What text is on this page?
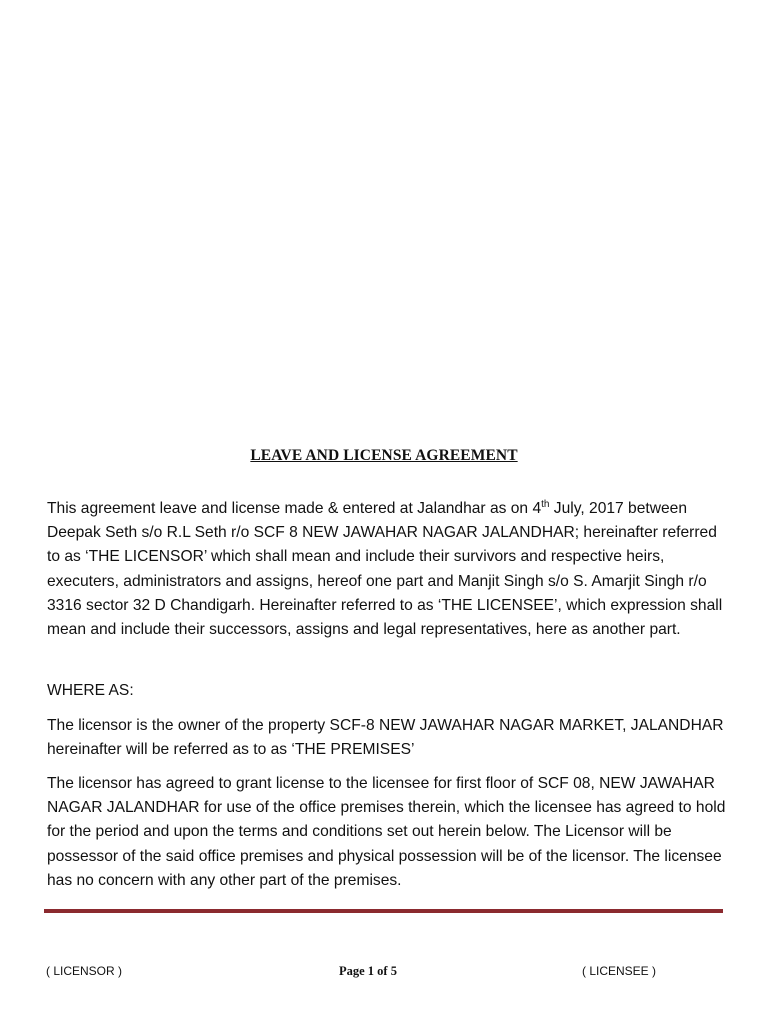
LEAVE AND LICENSE AGREEMENT

This agreement leave and license made & entered at Jalandhar as on 4th July, 2017 between Deepak Seth s/o R.L Seth r/o SCF 8 NEW JAWAHAR NAGAR JALANDHAR; hereinafter referred to as ‘THE LICENSOR’ which shall mean and include their survivors and respective heirs, executers, administrators and assigns, hereof one part and Manjit Singh s/o S. Amarjit Singh r/o 3316 sector 32 D Chandigarh. Hereinafter referred to as ‘THE LICENSEE’, which expression shall mean and include their successors, assigns and legal representatives, here as another part.

WHERE AS:

The licensor is the owner of the property SCF-8 NEW JAWAHAR NAGAR MARKET, JALANDHAR hereinafter will be referred as to as ‘THE PREMISES’

The licensor has agreed to grant license to the licensee for first floor of SCF 08, NEW JAWAHAR NAGAR JALANDHAR for use of the office premises therein, which the licensee has agreed to hold for the period and upon the terms and conditions set out herein below. The Licensor will be possessor of the said office premises and physical possession will be of the licensor. The licensee has no concern with any other part of the premises.

( LICENSOR )	Page 1 of 5	( LICENSEE )
